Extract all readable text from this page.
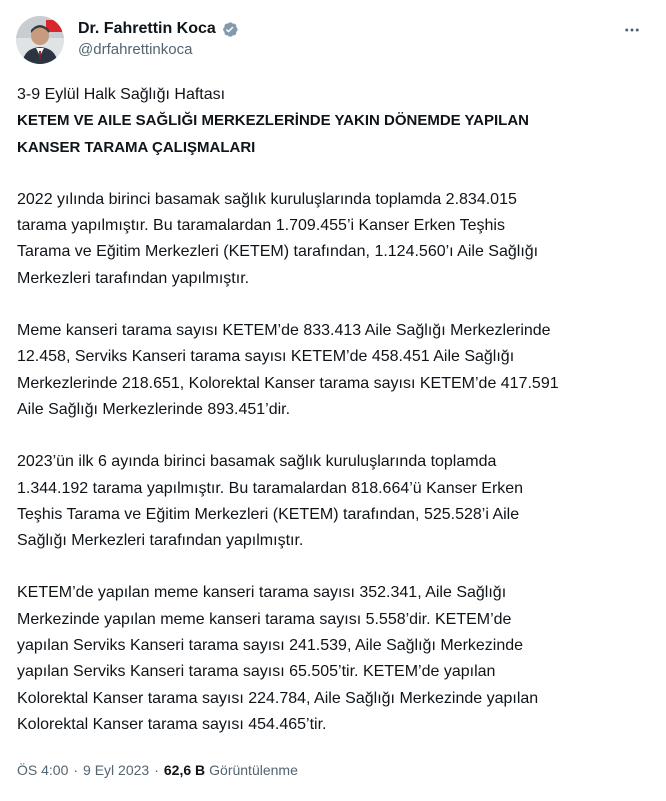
Dr. Fahrettin Koca
@drfahrettinkoca

3-9 Eylül Halk Sağlığı Haftası

KETEM VE AILE SAĞLIĞI MERKEZLERİNDE YAKIN DÖNEMDE YAPILAN
KANSER TARAMA ÇALIŞMALARI

2022 yılında birinci basamak sağlık kuruluşlarında toplamda 2.834.015
tarama yapılmıştır. Bu taramalardan 1.709.455’i Kanser Erken Teşhis
Tarama ve Eğitim Merkezleri (KETEM) tarafından, 1.124.560’ı Aile Sağlığı
Merkezleri tarafından yapılmıştır.

Meme kanseri tarama sayısı KETEM’de 833.413 Aile Sağlığı Merkezlerinde
12.458, Serviks Kanseri tarama sayısı KETEM’de 458.451 Aile Sağlığı
Merkezlerinde 218.651, Kolorektal Kanser tarama sayısı KETEM’de 417.591
Aile Sağlığı Merkezlerinde 893.451’dir.

2023’ün ilk 6 ayında birinci basamak sağlık kuruluşlarında toplamda
1.344.192 tarama yapılmıştır. Bu taramalardan 818.664’ü Kanser Erken
Teşhis Tarama ve Eğitim Merkezleri (KETEM) tarafından, 525.528’i Aile
Sağlığı Merkezleri tarafından yapılmıştır.

KETEM’de yapılan meme kanseri tarama sayısı 352.341, Aile Sağlığı
Merkezinde yapılan meme kanseri tarama sayısı 5.558’dir. KETEM’de
yapılan Serviks Kanseri tarama sayısı 241.539, Aile Sağlığı Merkezinde
yapılan Serviks Kanseri tarama sayısı 65.505’tir. KETEM’de yapılan
Kolorektal Kanser tarama sayısı 224.784, Aile Sağlığı Merkezinde yapılan
Kolorektal Kanser tarama sayısı 454.465’tir.

ÖS 4:00 · 9 Eyl 2023 · 62,6 B Görüntülenme
